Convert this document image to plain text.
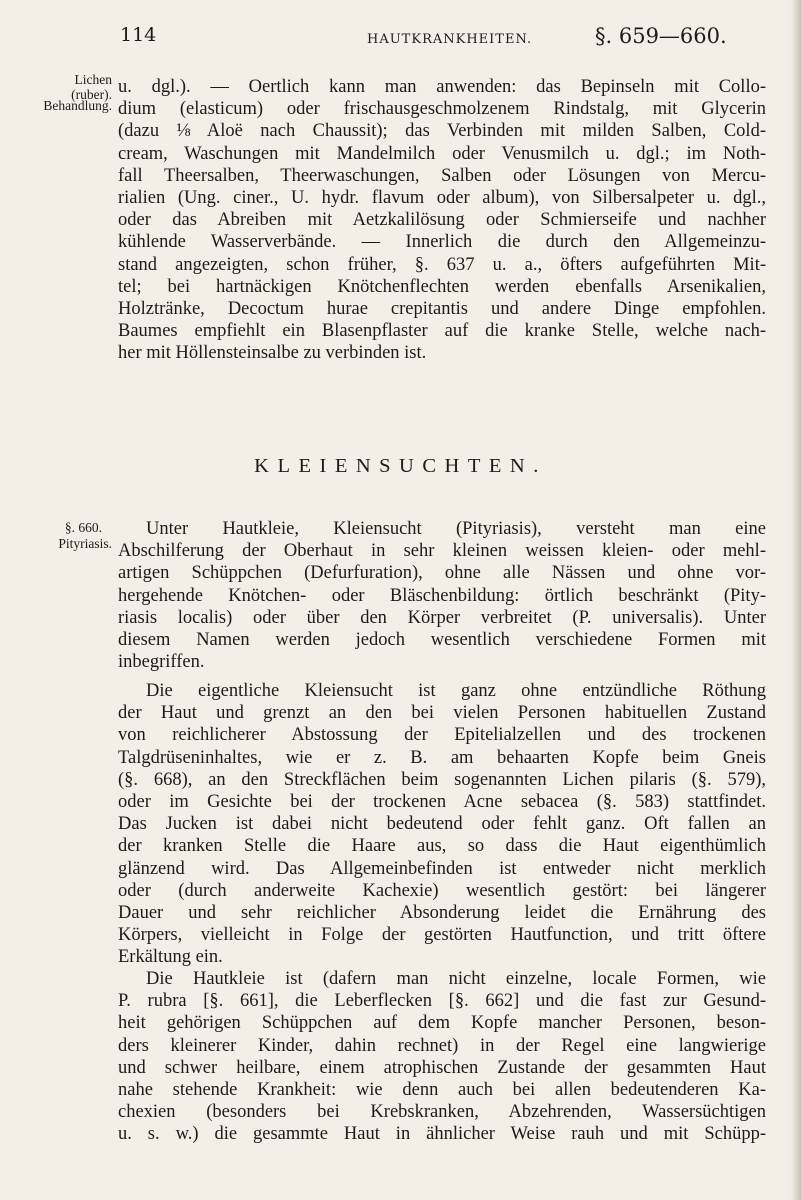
114	HAUTKRANKHEITEN.	§. 659—660.
Lichen
(ruber).
Behandlung.
u. dgl.). — Oertlich kann man anwenden: das Bepinseln mit Collo-
dium (elasticum) oder frischausgeschmolzenem Rindstalg, mit Glycerin
(dazu ⅛ Aloë nach Chaussit); das Verbinden mit milden Salben, Cold-
cream, Waschungen mit Mandelmilch oder Venusmilch u. dgl.; im Noth-
fall Theersalben, Theerwaschungen, Salben oder Lösungen von Mercu-
rialien (Ung. ciner., U. hydr. flavum oder album), von Silbersalpeter u. dgl.,
oder das Abreiben mit Aetzkalilösung oder Schmierseife und nachher
kühlende Wasserverbände. — Innerlich die durch den Allgemeinzu-
stand angezeigten, schon früher, §. 637 u. a., öfters aufgeführten Mit-
tel; bei hartnäckigen Knötchenflechten werden ebenfalls Arsenikalien,
Holztränke, Decoctum hurae crepitantis und andere Dinge empfohlen.
Baumes empfiehlt ein Blasenpflaster auf die kranke Stelle, welche nach-
her mit Höllensteinsalbe zu verbinden ist.
KLEIENSUCHTEN.
§. 660.
Pityriasis.
Unter Hautkleie, Kleiensucht (Pityriasis), versteht man eine
Abschilferung der Oberhaut in sehr kleinen weissen kleien- oder mehl-
artigen Schüppchen (Defurfuration), ohne alle Nässen und ohne vor-
hergehende Knötchen- oder Bläschenbildung: örtlich beschränkt (Pity-
riasis localis) oder über den Körper verbreitet (P. universalis). Unter
diesem Namen werden jedoch wesentlich verschiedene Formen mit
inbegriffen.
Die eigentliche Kleiensucht ist ganz ohne entzündliche Röthung
der Haut und grenzt an den bei vielen Personen habituellen Zustand
von reichlicherer Abstossung der Epitelialzellen und des trockenen
Talgdrüseninhaltes, wie er z. B. am behaarten Kopfe beim Gneis
(§. 668), an den Streckflächen beim sogenannten Lichen pilaris (§. 579),
oder im Gesichte bei der trockenen Acne sebacea (§. 583) stattfindet.
Das Jucken ist dabei nicht bedeutend oder fehlt ganz. Oft fallen an
der kranken Stelle die Haare aus, so dass die Haut eigenthümlich
glänzend wird. Das Allgemeinbefinden ist entweder nicht merklich
oder (durch anderweite Kachexie) wesentlich gestört: bei längerer
Dauer und sehr reichlicher Absonderung leidet die Ernährung des
Körpers, vielleicht in Folge der gestörten Hautfunction, und tritt öftere
Erkältung ein.
Die Hautkleie ist (dafern man nicht einzelne, locale Formen, wie
P. rubra [§. 661], die Leberflecken [§. 662] und die fast zur Gesund-
heit gehörigen Schüppchen auf dem Kopfe mancher Personen, beson-
ders kleinerer Kinder, dahin rechnet) in der Regel eine langwierige
und schwer heilbare, einem atrophischen Zustande der gesammten Haut
nahe stehende Krankheit: wie denn auch bei allen bedeutenderen Ka-
chexien (besonders bei Krebskranken, Abzehrenden, Wassersüchtigen
u. s. w.) die gesammte Haut in ähnlicher Weise rauh und mit Schüpp-
